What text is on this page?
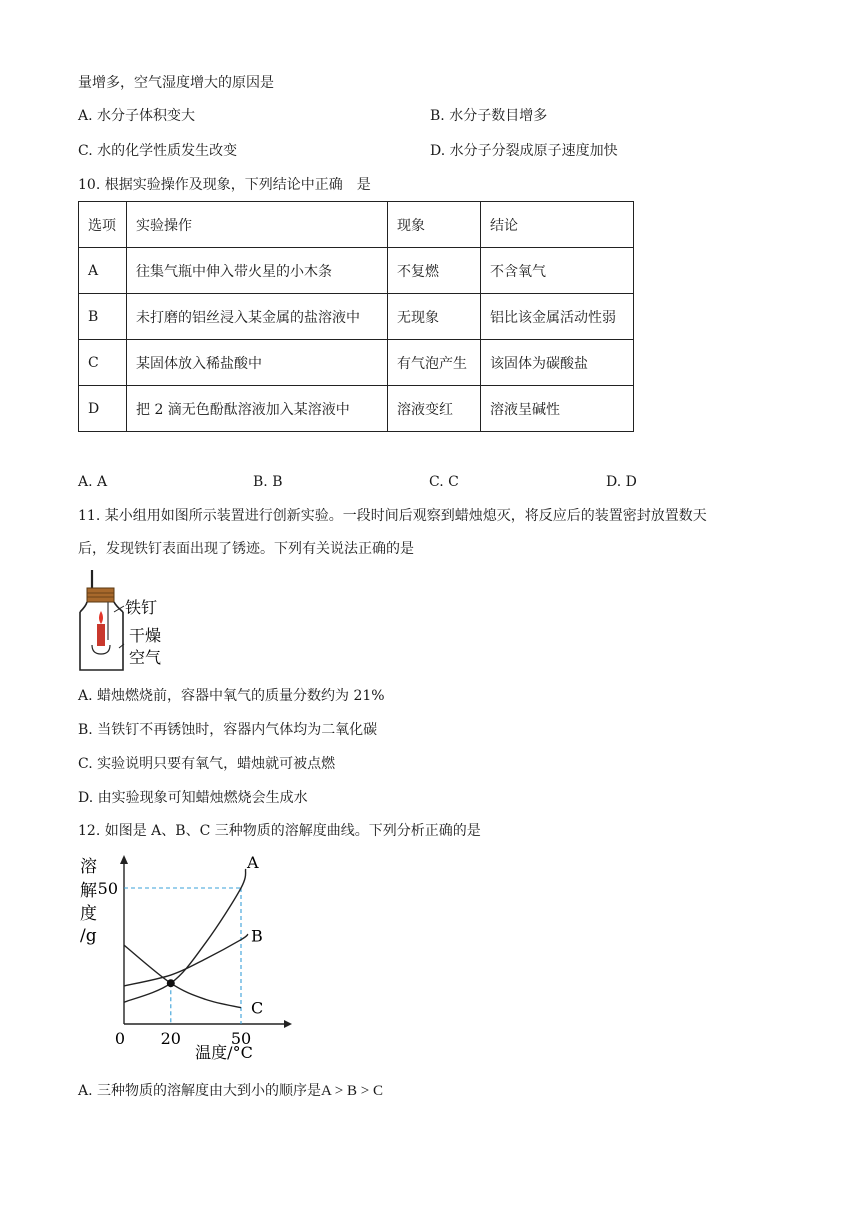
量增多，空气湿度增大的原因是
A. 水分子体积变大	B. 水分子数目增多
C. 水的化学性质发生改变	D. 水分子分裂成原子速度加快
10. 根据实验操作及现象，下列结论中正确　是
选项	实验操作	现象	结论
A	往集气瓶中伸入带火星的小木条	不复燃	不含氧气
B	未打磨的铝丝浸入某金属的盐溶液中	无现象	铝比该金属活动性弱
C	某固体放入稀盐酸中	有气泡产生	该固体为碳酸盐
D	把 2 滴无色酚酞溶液加入某溶液中	溶液变红	溶液呈碱性
A. A	B. B	C. C	D. D
11. 某小组用如图所示装置进行创新实验。一段时间后观察到蜡烛熄灭，将反应后的装置密封放置数天
后，发现铁钉表面出现了锈迹。下列有关说法正确的是
铁钉
干燥
空气
A. 蜡烛燃烧前，容器中氧气的质量分数约为 21%
B. 当铁钉不再锈蚀时，容器内气体均为二氧化碳
C. 实验说明只要有氧气，蜡烛就可被点燃
D. 由实验现象可知蜡烛燃烧会生成水
12. 如图是 A、B、C 三种物质的溶解度曲线。下列分析正确的是
溶
解
度
/g
A
B
C
0 20	50
50
温度/°C
A. 三种物质的溶解度由大到小的顺序是A > B > C
